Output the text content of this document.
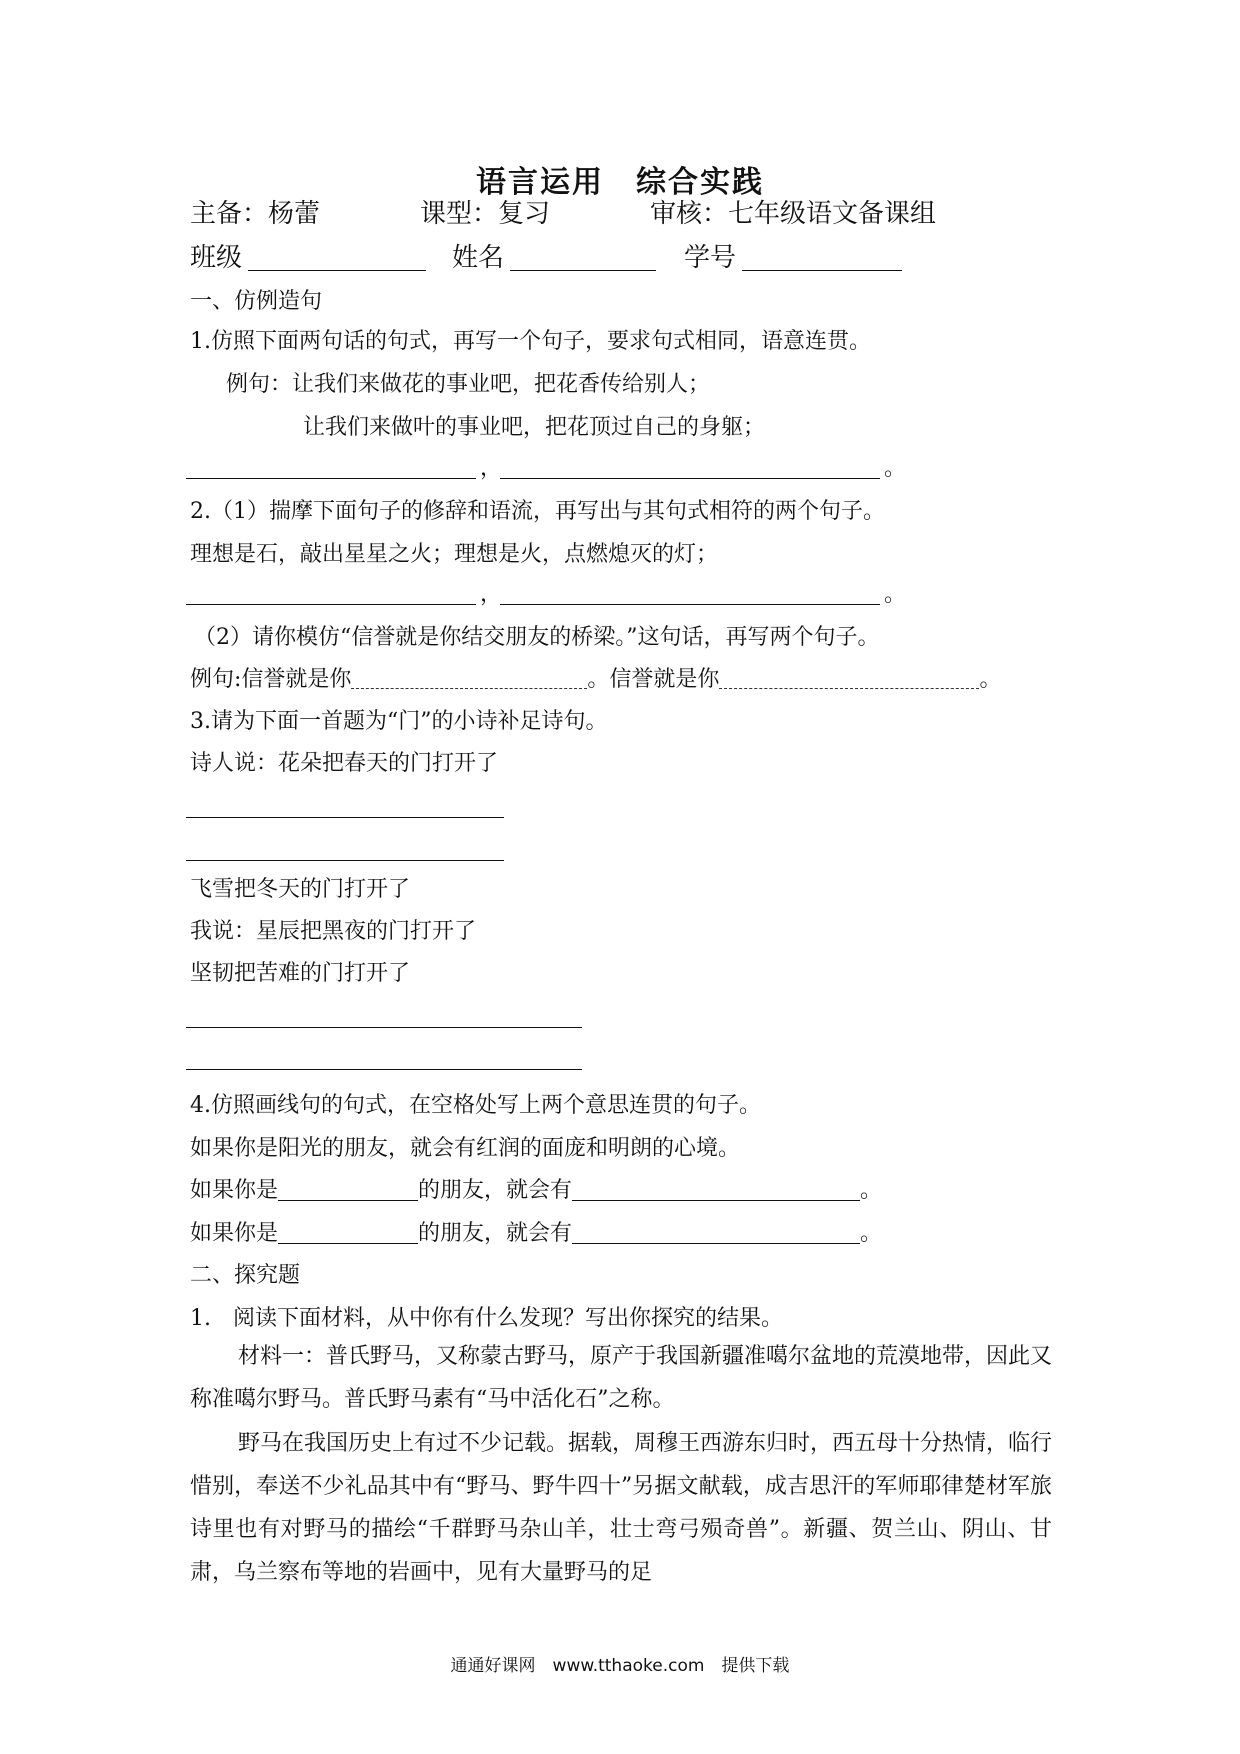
语言运用　综合实践
主备：杨蕾	课型：复习	审核：七年级语文备课组
班级	姓名	学号
一、仿例造句
1.仿照下面两句话的句式，再写一个句子，要求句式相同，语意连贯。
例句：让我们来做花的事业吧，把花香传给别人；
让我们来做叶的事业吧，把花顶过自己的身躯；
，	。
2.（1）揣摩下面句子的修辞和语流，再写出与其句式相符的两个句子。
理想是石，敲出星星之火；理想是火，点燃熄灭的灯；
，	。
（2）请你模仿“信誉就是你结交朋友的桥梁。”这句话，再写两个句子。
例句:信誉就是你	。信誉就是你	。
3.请为下面一首题为“门”的小诗补足诗句。
诗人说：花朵把春天的门打开了
飞雪把冬天的门打开了
我说：星辰把黑夜的门打开了
坚韧把苦难的门打开了
4.仿照画线句的句式，在空格处写上两个意思连贯的句子。
如果你是阳光的朋友，就会有红润的面庞和明朗的心境。
如果你是	的朋友，就会有	。
如果你是	的朋友，就会有	。
二、探究题
1.　阅读下面材料，从中你有什么发现？写出你探究的结果。
材料一：普氏野马，又称蒙古野马，原产于我国新疆准噶尔盆地的荒漠地带，因此又称准噶尔野马。普氏野马素有“马中活化石”之称。
野马在我国历史上有过不少记载。据载，周穆王西游东归时，西五母十分热情，临行惜别，奉送不少礼品其中有“野马、野牛四十”另据文献载，成吉思汗的军师耶律楚材军旅诗里也有对野马的描绘“千群野马杂山羊，壮士弯弓殒奇兽”。新疆、贺兰山、阴山、甘肃，乌兰察布等地的岩画中，见有大量野马的足
通通好课网　www.tthaoke.com　提供下载
